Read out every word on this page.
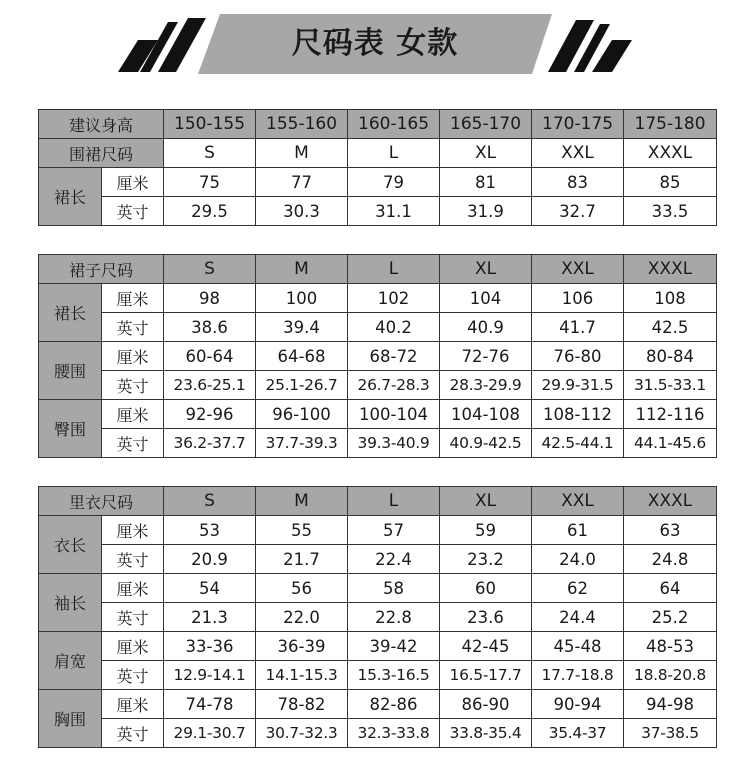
尺码表 女款
建议身高		150-155	155-160	160-165	165-170	170-175	175-180
围裙尺码		S	M	L	XL	XXL	XXXL
裙长	厘米	75	77	79	81	83	85
	英寸	29.5	30.3	31.1	31.9	32.7	33.5
裙子尺码		S	M	L	XL	XXL	XXXL
裙长	厘米	98	100	102	104	106	108
	英寸	38.6	39.4	40.2	40.9	41.7	42.5
腰围	厘米	60-64	64-68	68-72	72-76	76-80	80-84
	英寸	23.6-25.1	25.1-26.7	26.7-28.3	28.3-29.9	29.9-31.5	31.5-33.1
臀围	厘米	92-96	96-100	100-104	104-108	108-112	112-116
	英寸	36.2-37.7	37.7-39.3	39.3-40.9	40.9-42.5	42.5-44.1	44.1-45.6
里衣尺码		S	M	L	XL	XXL	XXXL
衣长	厘米	53	55	57	59	61	63
	英寸	20.9	21.7	22.4	23.2	24.0	24.8
袖长	厘米	54	56	58	60	62	64
	英寸	21.3	22.0	22.8	23.6	24.4	25.2
肩宽	厘米	33-36	36-39	39-42	42-45	45-48	48-53
	英寸	12.9-14.1	14.1-15.3	15.3-16.5	16.5-17.7	17.7-18.8	18.8-20.8
胸围	厘米	74-78	78-82	82-86	86-90	90-94	94-98
	英寸	29.1-30.7	30.7-32.3	32.3-33.8	33.8-35.4	35.4-37	37-38.5
